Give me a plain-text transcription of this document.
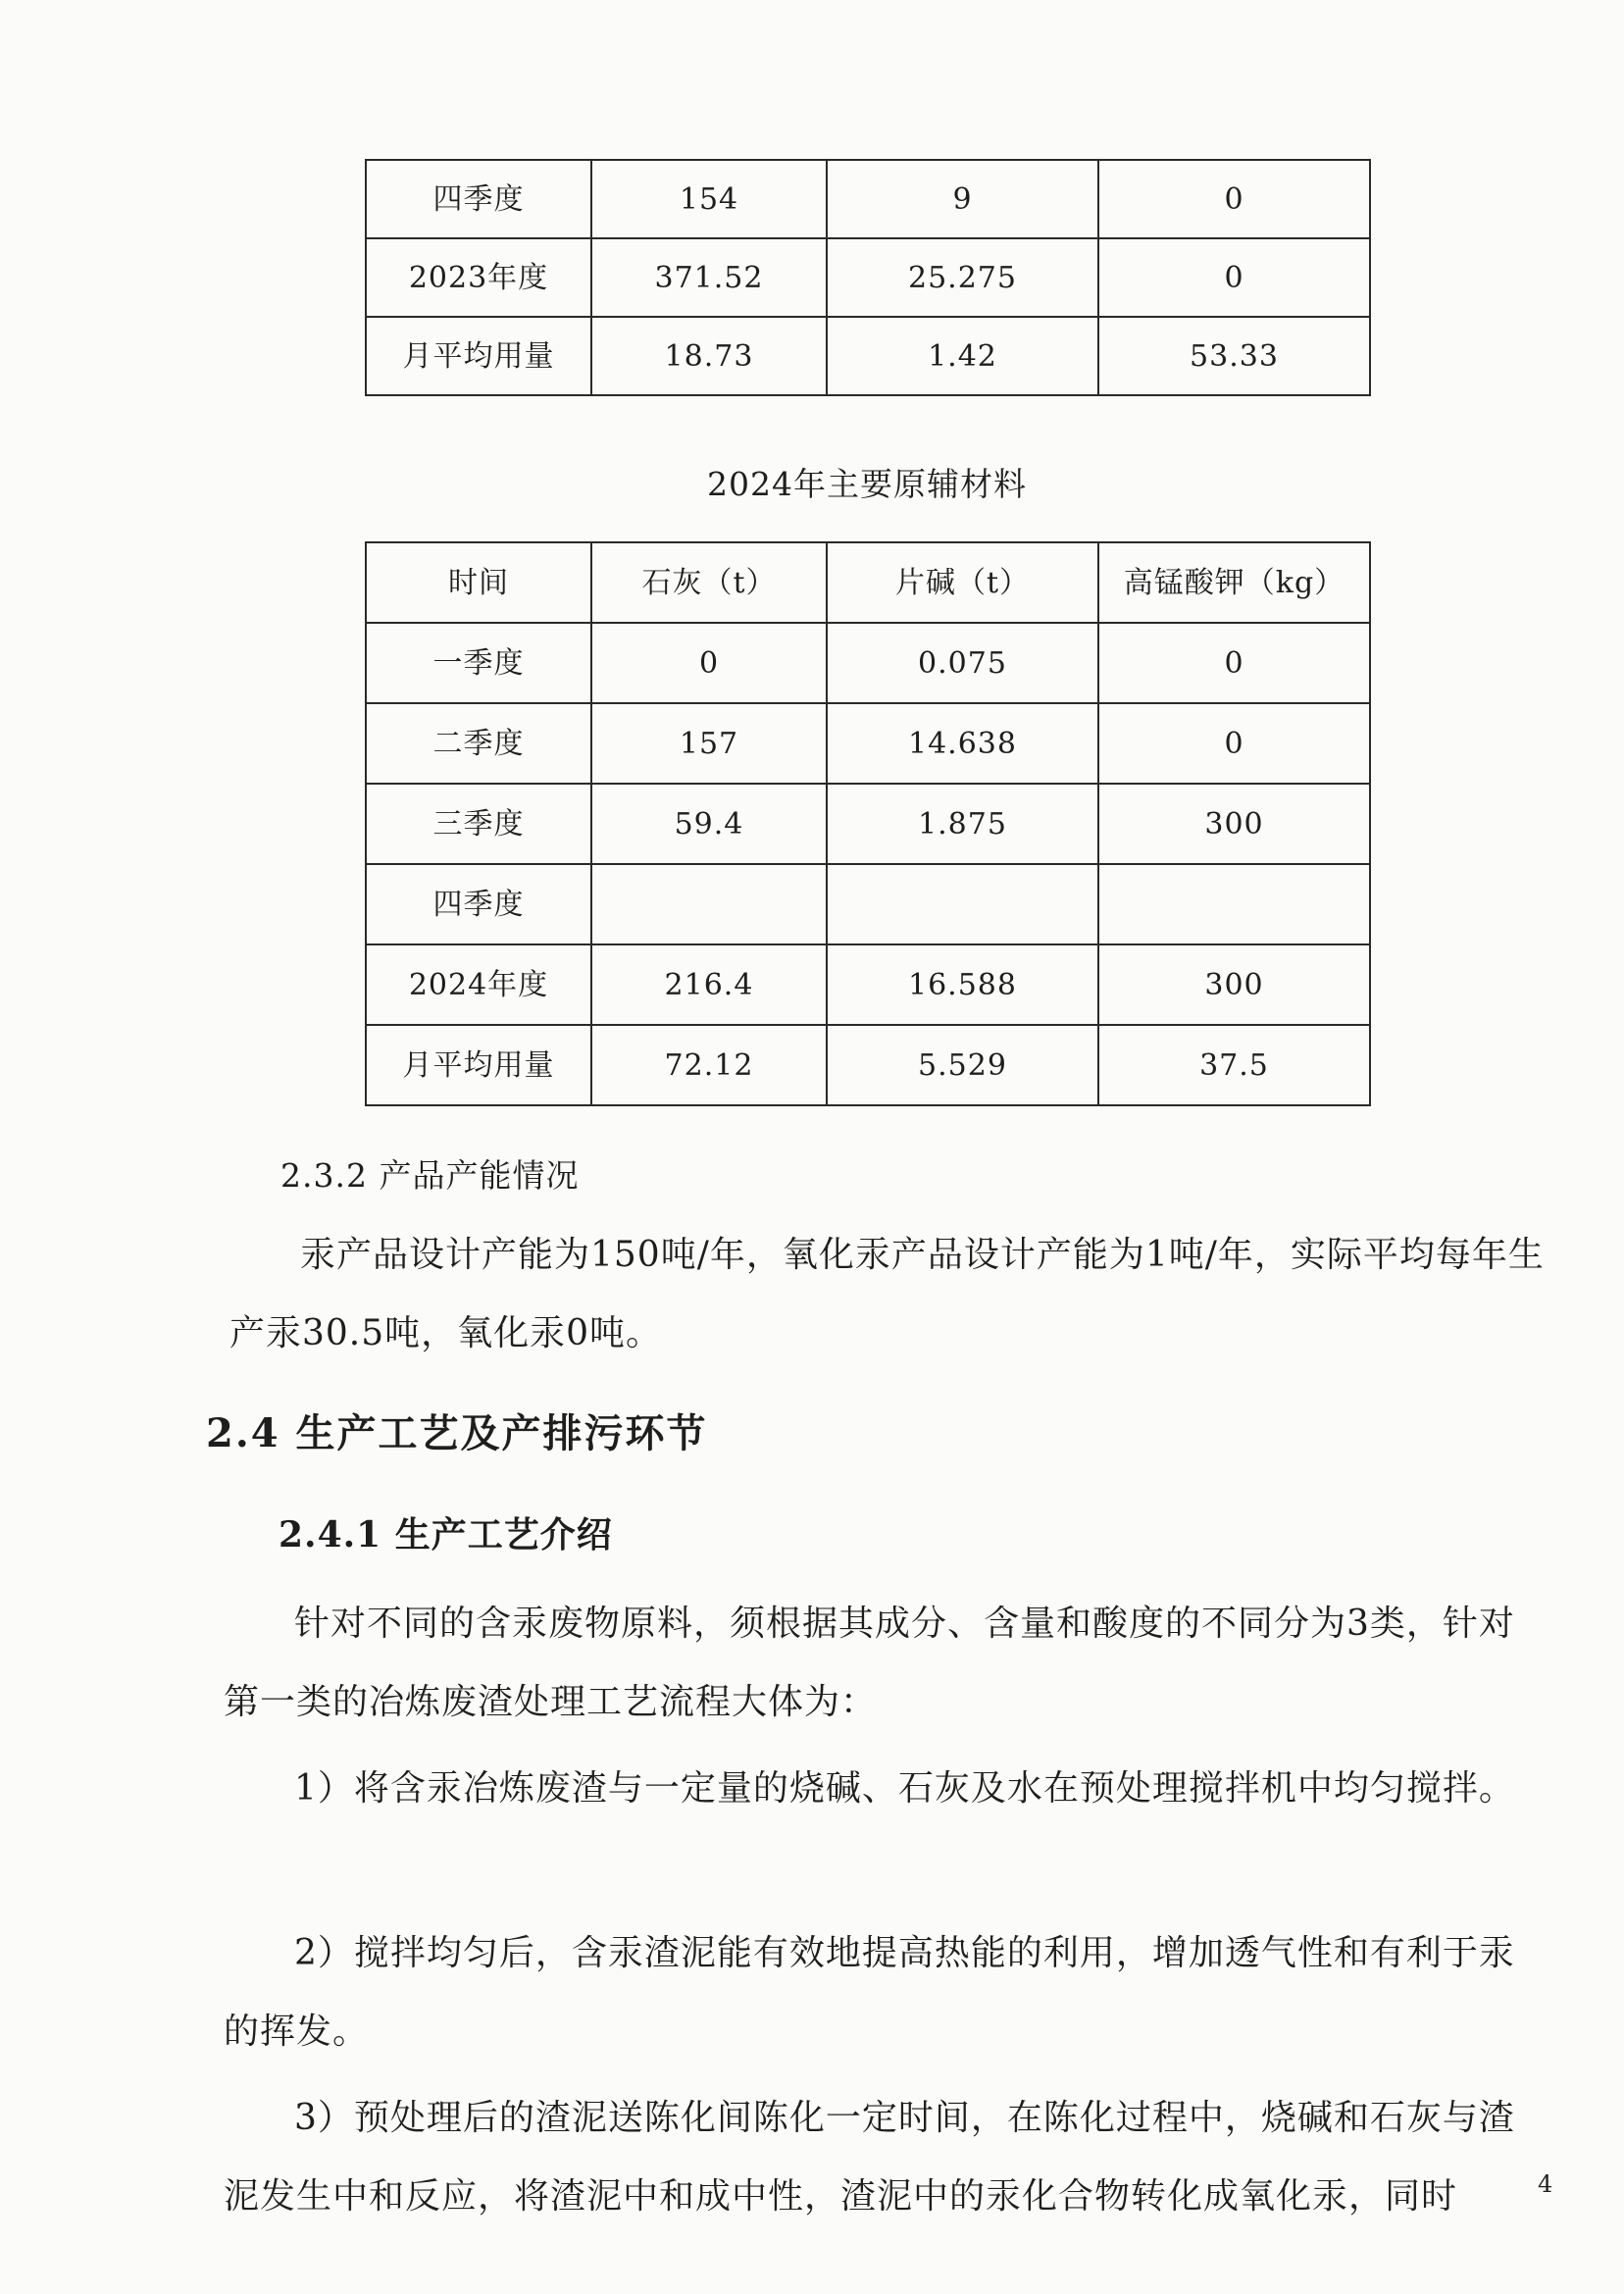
四季度	154	9	0
2023年度	371.52	25.275	0
月平均用量	18.73	1.42	53.33
2024年主要原辅材料
时间	石灰（t）	片碱（t）	高锰酸钾（kg）
一季度	0	0.075	0
二季度	157	14.638	0
三季度	59.4	1.875	300
四季度			
2024年度	216.4	16.588	300
月平均用量	72.12	5.529	37.5
2.3.2 产品产能情况

汞产品设计产能为150吨/年，氧化汞产品设计产能为1吨/年，实际平均每年生产汞30.5吨，氧化汞0吨。

2.4 生产工艺及产排污环节
2.4.1 生产工艺介绍

针对不同的含汞废物原料，须根据其成分、含量和酸度的不同分为3类，针对第一类的冶炼废渣处理工艺流程大体为：

1）将含汞冶炼废渣与一定量的烧碱、石灰及水在预处理搅拌机中均匀搅拌。

2）搅拌均匀后，含汞渣泥能有效地提高热能的利用，增加透气性和有利于汞的挥发。

3）预处理后的渣泥送陈化间陈化一定时间，在陈化过程中，烧碱和石灰与渣泥发生中和反应，将渣泥中和成中性，渣泥中的汞化合物转化成氧化汞，同时	4
